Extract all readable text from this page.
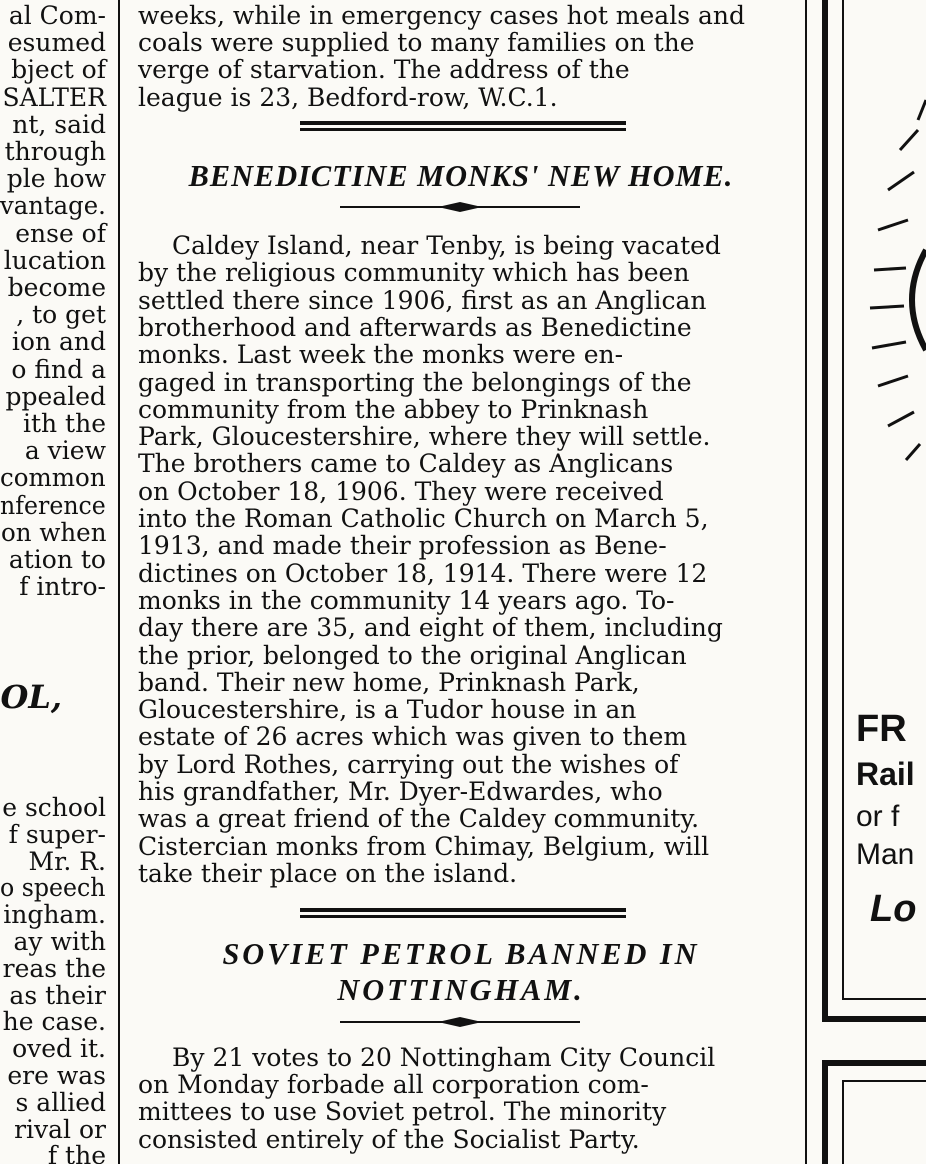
al Com-
esumed
bject of
SALTER
nt, said
through
ple how
vantage.
ense of
lucation
become
, to get
ion and
o find a
ppealed
ith the
a view
common
nference
on when
ation to
f intro-
OL,
e school
f super-
Mr. R.
o speech
ingham.
ay with
reas the
as their
he case.
oved it.
ere was
s allied
rival or
f the
weeks, while in emergency cases hot meals and
coals were supplied to many families on the
verge of starvation. The address of the
league is 23, Bedford-row, W.C.1.
BENEDICTINE MONKS' NEW HOME.
Caldey Island, near Tenby, is being vacated
by the religious community which has been
settled there since 1906, first as an Anglican
brotherhood and afterwards as Benedictine
monks. Last week the monks were en-
gaged in transporting the belongings of the
community from the abbey to Prinknash
Park, Gloucestershire, where they will settle.
The brothers came to Caldey as Anglicans
on October 18, 1906. They were received
into the Roman Catholic Church on March 5,
1913, and made their profession as Bene-
dictines on October 18, 1914. There were 12
monks in the community 14 years ago. To-
day there are 35, and eight of them, including
the prior, belonged to the original Anglican
band. Their new home, Prinknash Park,
Gloucestershire, is a Tudor house in an
estate of 26 acres which was given to them
by Lord Rothes, carrying out the wishes of
his grandfather, Mr. Dyer-Edwardes, who
was a great friend of the Caldey community.
Cistercian monks from Chimay, Belgium, will
take their place on the island.
SOVIET PETROL BANNED IN
NOTTINGHAM.
By 21 votes to 20 Nottingham City Council
on Monday forbade all corporation com-
mittees to use Soviet petrol. The minority
consisted entirely of the Socialist Party.
FR
Rail
or f
Man
Lo
